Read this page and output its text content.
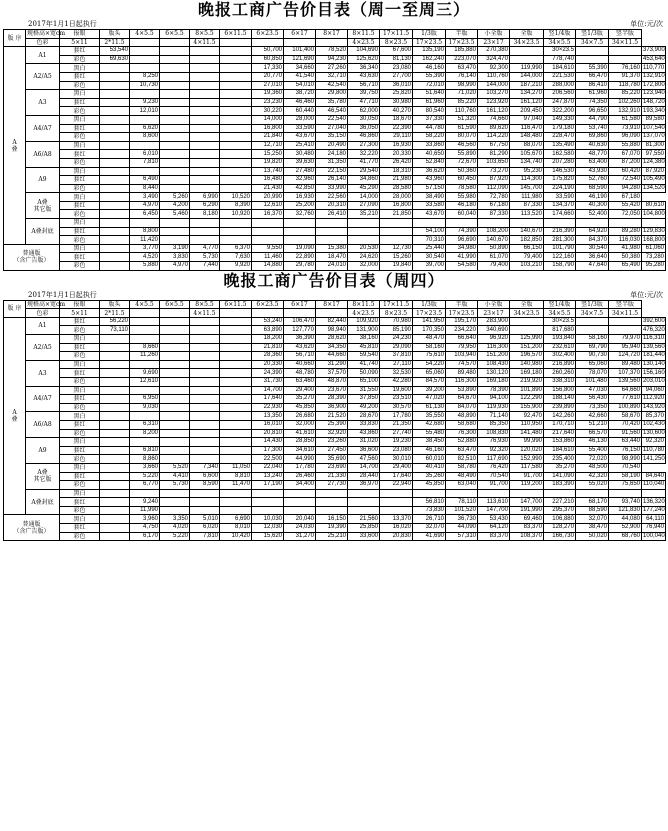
晚报工商广告价目表（周一至周三）
2017年1月1日起执行	单位:元/次
版 序	规格高×宽cm	报眼	版头	4×5.5	6×5.5	8×5.5	6×11.5	6×23.5	6×17	8×17	8×11.5	17×11.5	1/3版	半版	小全版	全版	竖1/4版	竖1/3版	竖半版	
	色彩	5×11	2*11.5			4×11.5					4×23.5	8×23.5	17×23.5	17×23.5	23×17	34×23.5	34×5.5	34×7.5	34×11.5	
A
叠	A1	套红	53,540					50,700	101,400	78,520	104,690	67,600	135,190	185,880	270,380		30×23.5			373,900
		彩色	69,630					60,850	121,690	94,230	125,620	81,130	162,240	223,070	324,470		778,740			453,640
	A2/A5	黑白						17,330	34,660	27,260	36,340	23,080	46,160	63,470	92,300	119,990	184,610	55,390	76,160	110,770
		套红		8,250				20,770	41,540	32,710	43,630	27,700	55,390	76,140	110,760	144,000	221,530	66,470	91,370	132,910
		彩色		10,730				27,010	54,010	42,540	56,710	36,010	72,010	98,990	144,000	187,210	288,000	86,410	118,780	172,800
	A3	黑白						19,360	38,720	29,800	39,750	25,820	51,640	71,020	103,270	134,270	206,560	61,960	85,220	123,940
		套红		9,230				23,230	46,460	35,780	47,710	30,980	61,960	85,220	123,920	161,120	247,870	74,350	102,260	148,720
		彩色		12,010				30,220	60,440	46,540	62,000	40,270	80,540	110,760	161,120	209,450	322,200	96,650	132,910	193,340
	A4/A7	黑白						14,000	28,000	22,540	30,050	18,670	37,330	51,320	74,660	97,040	149,330	44,790	61,580	89,580
		套红		6,620				16,800	33,590	27,040	36,050	22,390	44,780	61,590	89,620	116,470	179,180	53,740	73,910	107,540
		彩色		8,600				21,840	43,670	35,150	46,860	29,110	58,220	80,070	114,220	148,480	228,470	69,860	96,090	137,070
	A6/A8	黑白						12,710	25,410	20,490	27,300	16,930	33,860	46,560	67,750	88,070	135,490	40,630	55,880	81,300
		套红		6,010				15,250	30,480	24,180	32,220	20,330	40,650	55,890	81,290	105,670	162,580	48,770	67,070	97,550
		彩色		7,810				19,820	39,630	31,350	41,770	26,420	52,840	72,670	103,650	134,740	207,280	63,400	87,200	124,380
	A9	黑白						13,740	27,480	22,150	29,540	18,310	36,620	50,360	73,270	95,230	146,530	43,930	60,420	87,920
		套红		6,490				16,480	32,960	26,140	34,860	21,980	43,960	60,450	87,920	114,300	175,820	52,760	72,540	105,490
		彩色		8,440				21,430	42,850	33,990	45,290	28,580	57,150	78,580	112,090	145,700	224,190	68,590	94,280	134,520
	A叠
其它版	黑白		3,490	5,260	6,990	10,520	20,990	16,930	22,560	14,000	28,000	38,490	55,980	72,780	111,980	33,590	46,190	67,180	
		套红		4,970	4,200	6,290	8,390	12,610	25,200	20,310	27,090	16,800	33,580	46,180	67,180	87,330	134,370	40,300	55,420	80,610
		彩色		6,450	5,460	8,180	10,920	16,370	32,760	26,410	35,210	21,850	43,670	60,040	87,330	113,520	174,660	52,400	72,050	104,800
	A叠封底	黑白																		
		套红		8,800									54,100	74,390	108,200	140,670	216,390	64,920	89,280	129,830
		彩色		11,420									70,310	96,690	140,670	182,850	281,300	84,370	116,030	168,800
普通版
（含广告版）		黑白		3,770	3,190	4,770	6,370	9,550	19,090	15,380	20,530	12,730	25,440	34,980	50,890	66,150	101,790	30,540	41,980	61,060
		套红		4,520	3,830	5,730	7,630	11,460	22,890	18,470	24,620	15,260	30,540	41,990	61,070	79,400	122,160	36,640	50,380	73,280
		彩色		5,880	4,970	7,440	9,920	14,880	29,780	24,010	32,000	19,840	39,700	54,580	79,400	103,210	158,790	47,640	65,490	95,280
晚报工商广告价目表（周四）
2017年1月1日起执行	单位:元/次
版 序	规格高×宽cm	报眼	版头	4×5.5	6×5.5	8×5.5	6×11.5	6×23.5	6×17	8×17	8×11.5	17×11.5	1/3版	半版	小全版	全版	竖1/4版	竖1/3版	竖半版	
	色彩	5×11	2*11.5			4×11.5					4×23.5	8×23.5	17×23.5	17×23.5	23×17	34×23.5	34×5.5	34×7.5	34×11.5	
A
叠	A1	套红	56,220					53,240	106,470	82,440	109,920	70,980	141,950	195,170	283,900		30×23.5			392,600
		彩色	73,110					63,890	127,770	98,940	131,900	85,190	170,350	234,220	340,690		817,680			476,320
	A2/A5	黑白						18,200	36,390	28,620	38,160	24,230	48,470	66,640	96,920	125,990	193,840	58,160	79,970	116,310
		套红		8,660				21,810	43,620	34,350	45,810	29,090	58,160	79,950	116,300	151,200	232,610	69,790	95,940	139,560
		彩色		11,260				28,360	56,710	44,660	59,540	37,810	75,610	103,940	151,200	196,570	302,400	90,730	124,720	181,440
	A3	黑白						20,330	40,660	31,290	41,740	27,110	54,220	74,570	108,430	140,980	216,890	65,060	89,480	130,140
		套红		9,690				24,390	48,780	37,570	50,090	32,530	65,060	89,480	130,120	169,180	260,260	78,070	107,370	156,160
		彩色		12,610				31,730	63,460	48,870	65,100	42,280	84,570	116,300	169,180	219,920	338,310	101,480	139,560	203,010
	A4/A7	黑白						14,700	29,400	23,670	31,550	19,600	39,200	53,890	78,390	101,890	156,800	47,030	64,660	94,060
		套红		6,950				17,640	35,270	28,390	37,850	23,510	47,020	64,670	94,100	122,290	188,140	56,430	77,610	112,920
		彩色		9,030				22,930	45,850	36,900	49,200	30,570	61,130	84,070	119,930	155,900	239,890	73,350	100,890	143,920
	A6/A8	黑白						13,350	26,680	21,520	28,670	17,780	35,550	48,890	71,140	92,470	142,260	42,660	58,670	85,370
		套红		6,310				16,010	32,000	25,390	33,830	21,350	42,680	58,680	85,350	110,950	170,710	51,210	70,420	102,430
		彩色		8,200				20,810	41,610	32,920	43,860	27,740	55,480	76,300	108,830	141,480	217,640	66,570	91,560	130,600
	A9	黑白						14,430	28,850	23,260	31,020	19,230	38,450	52,880	76,930	99,990	153,860	46,130	63,440	92,320
		套红		6,810				17,300	34,610	27,450	36,600	23,080	46,160	63,470	92,320	120,020	184,610	55,400	76,150	110,780
		彩色		8,860				22,500	44,990	35,690	47,560	30,010	60,010	82,510	117,690	152,990	235,400	72,020	98,990	141,250
	A叠
其它版	黑白		3,660	5,520	7,340	11,050	22,040	17,780	23,690	14,700	29,400	40,410	58,780	76,420	117,580	35,270	48,500	70,540	
		套红		5,220	4,410	6,600	8,810	13,240	26,460	21,330	28,440	17,640	35,260	48,490	70,540	91,700	141,090	42,320	58,190	84,640
		彩色		6,770	5,730	8,590	11,470	17,190	34,400	27,730	36,970	22,940	45,850	63,040	91,700	119,200	183,390	55,020	75,650	110,040
	A叠封底	黑白																		
		套红		9,240									56,810	78,110	113,610	147,700	227,210	68,170	93,740	136,320
		彩色		11,990									73,830	101,520	147,700	191,990	295,370	88,590	121,830	177,240
普通版
（含广告版）		黑白		3,960	3,350	5,010	6,690	10,030	20,040	16,150	21,560	13,370	26,710	36,730	53,430	69,460	106,880	32,070	44,080	64,110
		套红		4,750	4,020	6,020	8,010	12,030	24,030	19,390	25,850	16,020	32,070	44,090	64,120	83,370	128,270	38,470	52,900	76,940
		彩色		6,170	5,220	7,810	10,420	15,620	31,270	25,210	33,600	20,830	41,690	57,310	83,370	108,370	166,730	50,020	68,760	100,040
